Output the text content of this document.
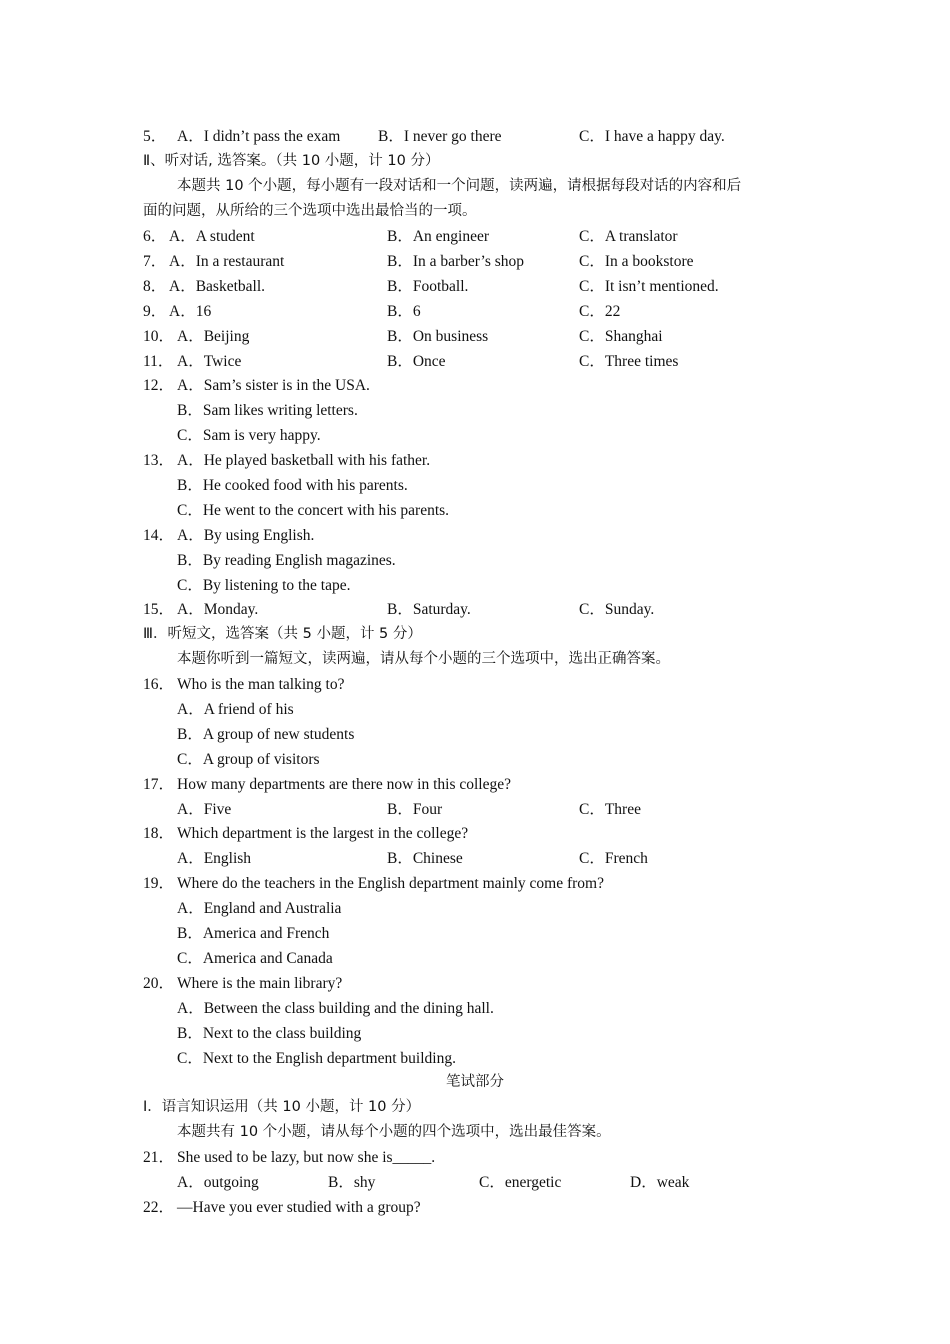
5． A．I didn’t pass the exam B．I never go there	C．I have a happy day.
Ⅱ、听对话, 选答案。（共 10 小题，计 10 分）
本题共 10 个小题，每小题有一段对话和一个问题，读两遍，请根据每段对话的内容和后
面的问题，从所给的三个选项中选出最恰当的一项。
6． A．A student	B．An engineer	C．A translator
7． A．In a restaurant	B．In a barber’s shop	C．In a bookstore
8． A．Basketball.	B．Football.	C．It isn’t mentioned.
9． A．16	B．6	C．22
10． A．Beijing	B．On business	C．Shanghai
11． A．Twice	B．Once	C．Three times
12． A．Sam’s sister is in the USA.
B．Sam likes writing letters.
C．Sam is very happy.
13． A．He played basketball with his father.
B．He cooked food with his parents.
C．He went to the concert with his parents.
14． A．By using English.
B．By reading English magazines.
C．By listening to the tape.
15． A．Monday.	B．Saturday.	C．Sunday.
Ⅲ．听短文，选答案（共 5 小题，计 5 分）
本题你听到一篇短文，读两遍，请从每个小题的三个选项中，选出正确答案。
16． Who is the man talking to?
A．A friend of his
B．A group of new students
C．A group of visitors
17． How many departments are there now in this college?
A．Five	B．Four	C．Three
18． Which department is the largest in the college?
A．English	B．Chinese	C．French
19． Where do the teachers in the English department mainly come from?
A．England and Australia
B．America and French
C．America and Canada
20． Where is the main library?
A．Between the class building and the dining hall.
B．Next to the class building
C．Next to the English department building.
笔试部分
Ⅰ．语言知识运用（共 10 小题，计 10 分）
本题共有 10 个小题，请从每个小题的四个选项中，选出最佳答案。
21． She used to be lazy, but now she is_____.
A．outgoing	B．shy	C．energetic	D．weak
22． —Have you ever studied with a group?
